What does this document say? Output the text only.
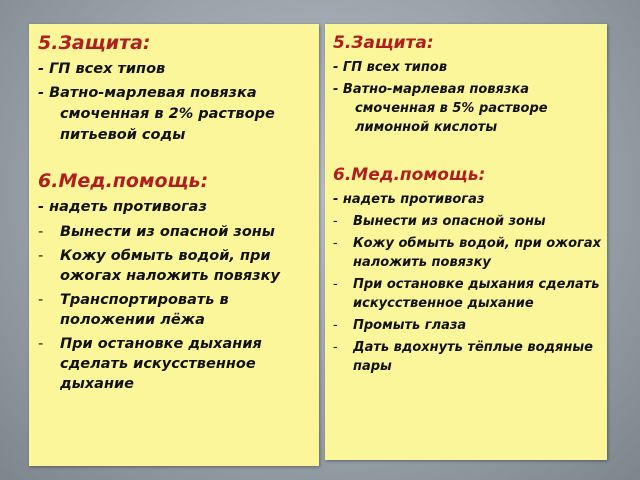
5.Защита:
- ГП всех типов
- Ватно-марлевая повязка смоченная в 2% растворе питьевой соды
6.Мед.помощь:
- надеть противогаз
- Вынести из опасной зоны
- Кожу обмыть водой, при ожогах наложить повязку
- Транспортировать в положении лёжа
- При остановке дыхания сделать искусственное дыхание
5.Защита:
- ГП всех типов
- Ватно-марлевая повязка смоченная в 5% растворе лимонной кислоты
6.Мед.помощь:
- надеть противогаз
- Вынести из опасной зоны
- Кожу обмыть водой, при ожогах наложить повязку
- При остановке дыхания сделать искусственное дыхание
- Промыть глаза
- Дать вдохнуть тёплые водяные пары
